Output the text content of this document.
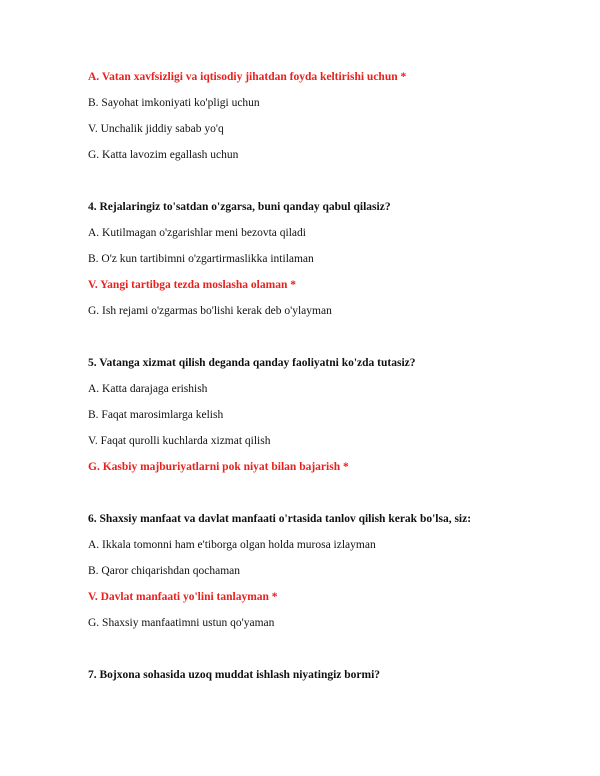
A. Vatan xavfsizligi va iqtisodiy jihatdan foyda keltirishi uchun *
B. Sayohat imkoniyati ko'pligi uchun
V. Unchalik jiddiy sabab yo'q
G. Katta lavozim egallash uchun
4. Rejalaringiz to'satdan o'zgarsa, buni qanday qabul qilasiz?
A. Kutilmagan o'zgarishlar meni bezovta qiladi
B. O'z kun tartibimni o'zgartirmaslikka intilaman
V. Yangi tartibga tezda moslasha olaman *
G. Ish rejami o'zgarmas bo'lishi kerak deb o'ylayman
5. Vatanga xizmat qilish deganda qanday faoliyatni ko'zda tutasiz?
A. Katta darajaga erishish
B. Faqat marosimlarga kelish
V. Faqat qurolli kuchlarda xizmat qilish
G. Kasbiy majburiyatlarni pok niyat bilan bajarish *
6. Shaxsiy manfaat va davlat manfaati o'rtasida tanlov qilish kerak bo'lsa, siz:
A. Ikkala tomonni ham e'tiborga olgan holda murosa izlayman
B. Qaror chiqarishdan qochaman
V. Davlat manfaati yo'lini tanlayman *
G. Shaxsiy manfaatimni ustun qo'yaman
7. Bojxona sohasida uzoq muddat ishlash niyatingiz bormi?
